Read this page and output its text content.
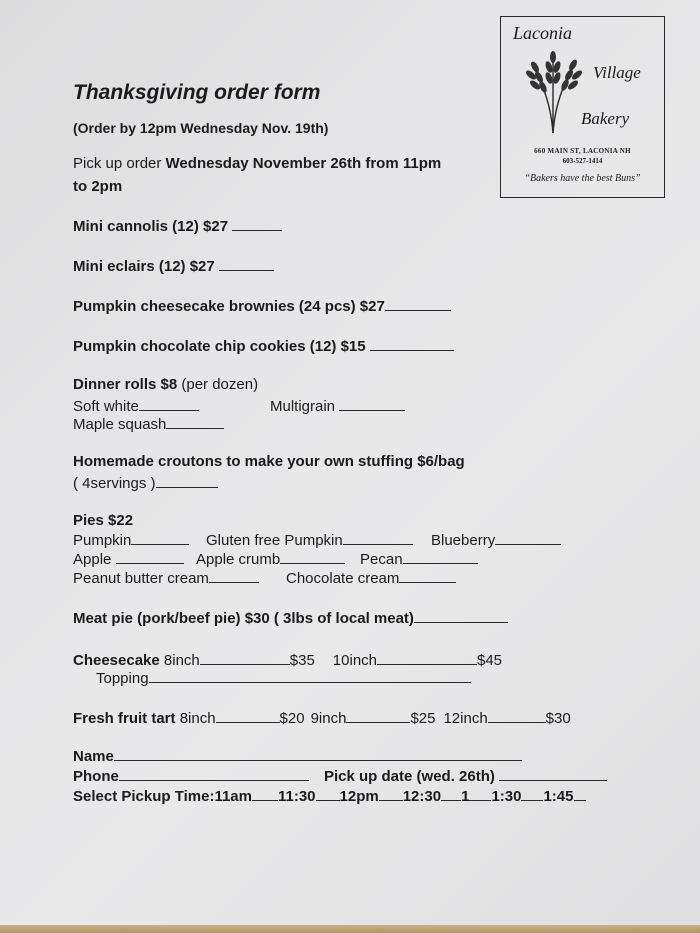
Laconia
Village
Bakery
660 MAIN ST, LACONIA NH
603-527-1414
“Bakers have the best Buns”
Thanksgiving order form
(Order by 12pm Wednesday Nov. 19th)
Pick up order Wednesday November 26th from 11pm
to 2pm
Mini cannolis (12) $27
Mini eclairs (12) $27
Pumpkin cheesecake brownies (24 pcs) $27
Pumpkin chocolate chip cookies (12) $15
Dinner rolls $8 (per dozen)
Soft white	Multigrain
Maple squash
Homemade croutons to make your own stuffing $6/bag
( 4servings )
Pies $22
Pumpkin	Gluten free Pumpkin	Blueberry
Apple	Apple crumb	Pecan
Peanut butter cream	Chocolate cream
Meat pie (pork/beef pie) $30 ( 3lbs of local meat)
Cheesecake 8inch	$35 10inch	$45
Topping
Fresh fruit tart 8inch	$20 9inch	$25 12inch	$30
Name
Phone	Pick up date (wed. 26th)
Select Pickup Time:11am 11:30 12pm 12:30 1 1:30 1:45
